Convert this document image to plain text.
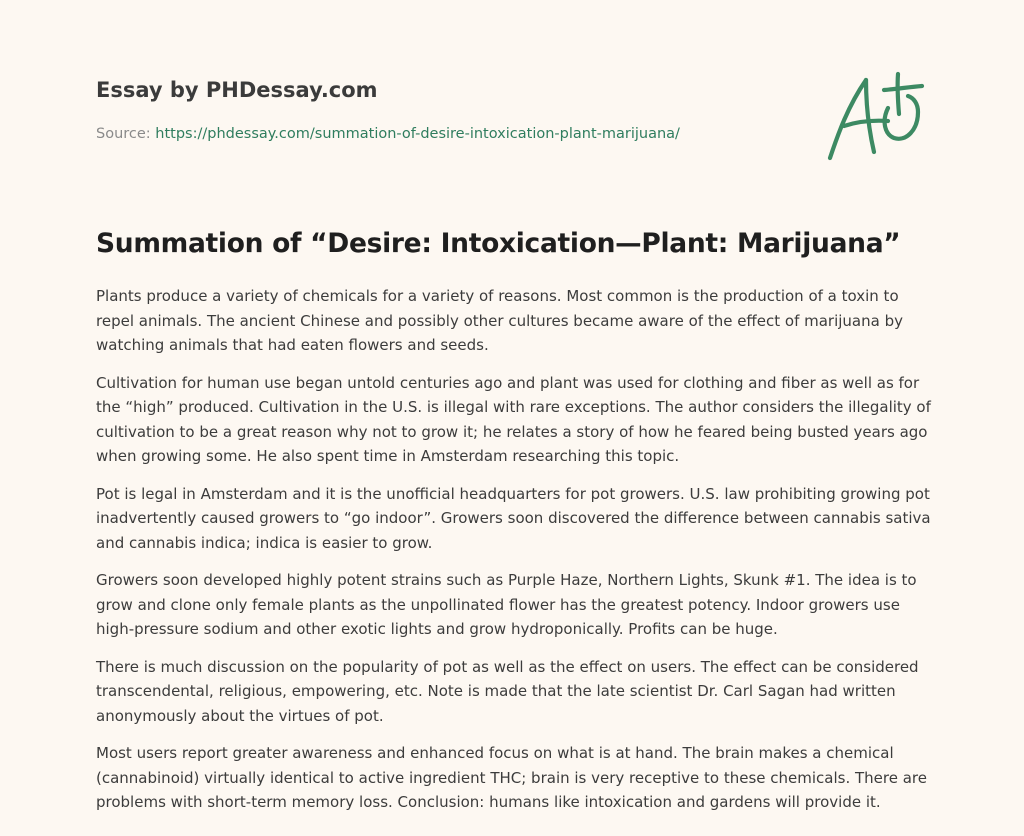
Essay by PHDessay.com
Source: https://phdessay.com/summation-of-desire-intoxication-plant-marijuana/
Summation of “Desire: Intoxication—Plant: Marijuana”

Plants produce a variety of chemicals for a variety of reasons. Most common is the production of a toxin to repel animals. The ancient Chinese and possibly other cultures became aware of the effect of marijuana by watching animals that had eaten flowers and seeds.

Cultivation for human use began untold centuries ago and plant was used for clothing and fiber as well as for the “high” produced. Cultivation in the U.S. is illegal with rare exceptions. The author considers the illegality of cultivation to be a great reason why not to grow it; he relates a story of how he feared being busted years ago when growing some. He also spent time in Amsterdam researching this topic.

Pot is legal in Amsterdam and it is the unofficial headquarters for pot growers. U.S. law prohibiting growing pot inadvertently caused growers to “go indoor”. Growers soon discovered the difference between cannabis sativa and cannabis indica; indica is easier to grow.

Growers soon developed highly potent strains such as Purple Haze, Northern Lights, Skunk #1. The idea is to grow and clone only female plants as the unpollinated flower has the greatest potency. Indoor growers use high-pressure sodium and other exotic lights and grow hydroponically. Profits can be huge.

There is much discussion on the popularity of pot as well as the effect on users. The effect can be considered transcendental, religious, empowering, etc. Note is made that the late scientist Dr. Carl Sagan had written anonymously about the virtues of pot.

Most users report greater awareness and enhanced focus on what is at hand. The brain makes a chemical (cannabinoid) virtually identical to active ingredient THC; brain is very receptive to these chemicals. There are problems with short-term memory loss. Conclusion: humans like intoxication and gardens will provide it.
